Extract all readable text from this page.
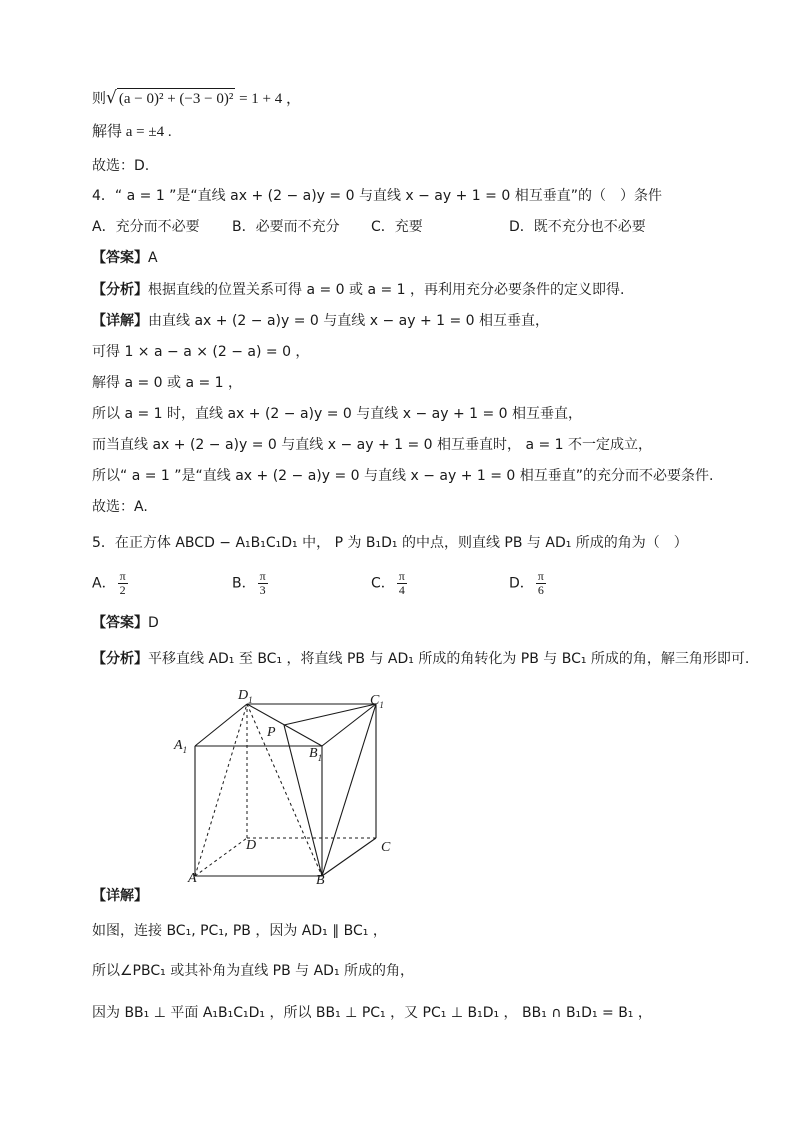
则√ (a − 0)² + (−3 − 0)² = 1 + 4 ，
解得 a = ±4 .
故选：D.
4．“ a = 1 ”是“直线 ax + (2 − a)y = 0 与直线 x − ay + 1 = 0 相互垂直”的（　）条件
A．充分而不必要 B．必要而不充分 C．充要	D．既不充分也不必要
【答案】A
【分析】根据直线的位置关系可得 a = 0 或 a = 1 ，再利用充分必要条件的定义即得.
【详解】由直线 ax + (2 − a)y = 0 与直线 x − ay + 1 = 0 相互垂直，
可得 1 × a − a × (2 − a) = 0 ，
解得 a = 0 或 a = 1 ，
所以 a = 1 时，直线 ax + (2 − a)y = 0 与直线 x − ay + 1 = 0 相互垂直，
而当直线 ax + (2 − a)y = 0 与直线 x − ay + 1 = 0 相互垂直时， a = 1 不一定成立，
所以“ a = 1 ”是“直线 ax + (2 − a)y = 0 与直线 x − ay + 1 = 0 相互垂直”的充分而不必要条件.
故选：A.
5．在正方体 ABCD − A₁B₁C₁D₁ 中， P 为 B₁D₁ 的中点，则直线 PB 与 AD₁ 所成的角为（　）
A． $\frac{\pi}{2}$	B． $\frac{\pi}{3}$	C． $\frac{\pi}{4}$	D． $\frac{\pi}{6}$
【答案】D
【分析】平移直线 AD₁ 至 BC₁ ，将直线 PB 与 AD₁ 所成的角转化为 PB 与 BC₁ 所成的角，解三角形即可.
$D_1$	$C_1$
$A_1$	$B_1$
P
D	C
A	B
【详解】
如图，连接 BC₁, PC₁, PB ，因为 AD₁ ∥ BC₁ ，
所以∠PBC₁ 或其补角为直线 PB 与 AD₁ 所成的角，
因为 BB₁ ⊥ 平面 A₁B₁C₁D₁ ，所以 BB₁ ⊥ PC₁ ，又 PC₁ ⊥ B₁D₁ ， BB₁ ∩ B₁D₁ = B₁ ，
